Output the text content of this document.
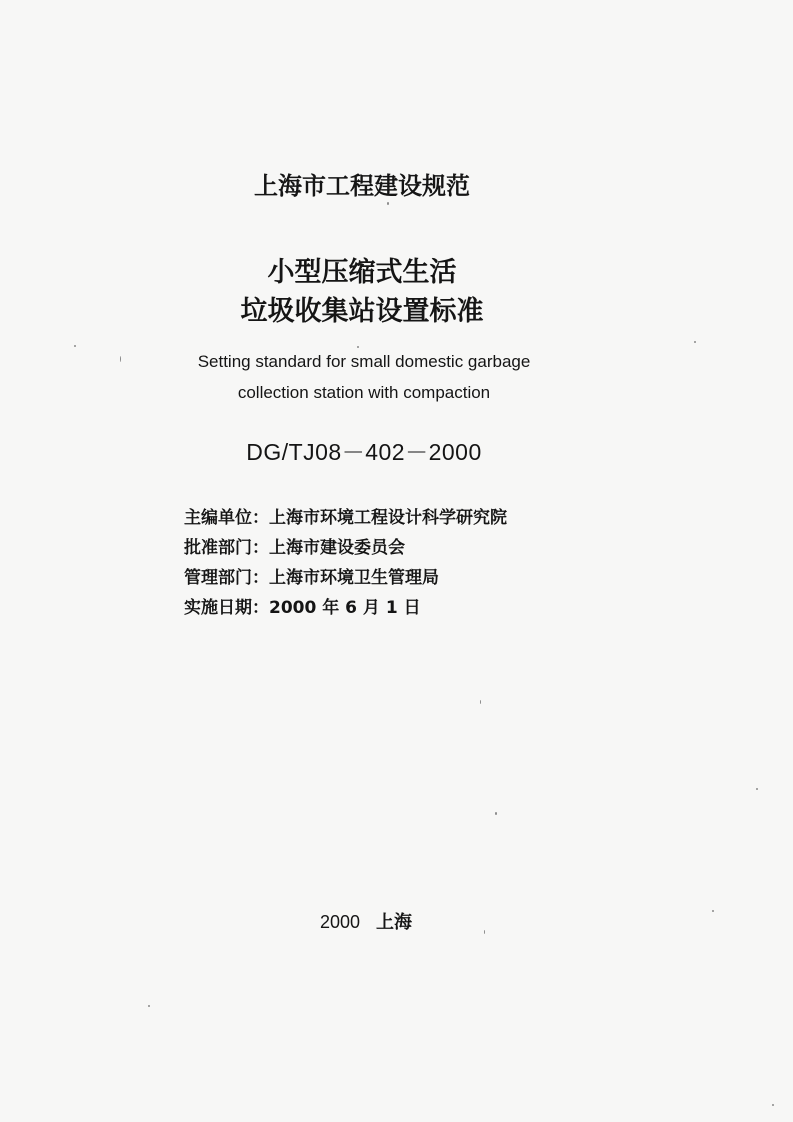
上海市工程建设规范
小型压缩式生活
垃圾收集站设置标准
Setting standard for small domestic garbage
collection station with compaction
DG/TJ08－402－2000
主编单位：上海市环境工程设计科学研究院
批准部门：上海市建设委员会
管理部门：上海市环境卫生管理局
实施日期：2000 年 6 月 1 日
2000 上海
